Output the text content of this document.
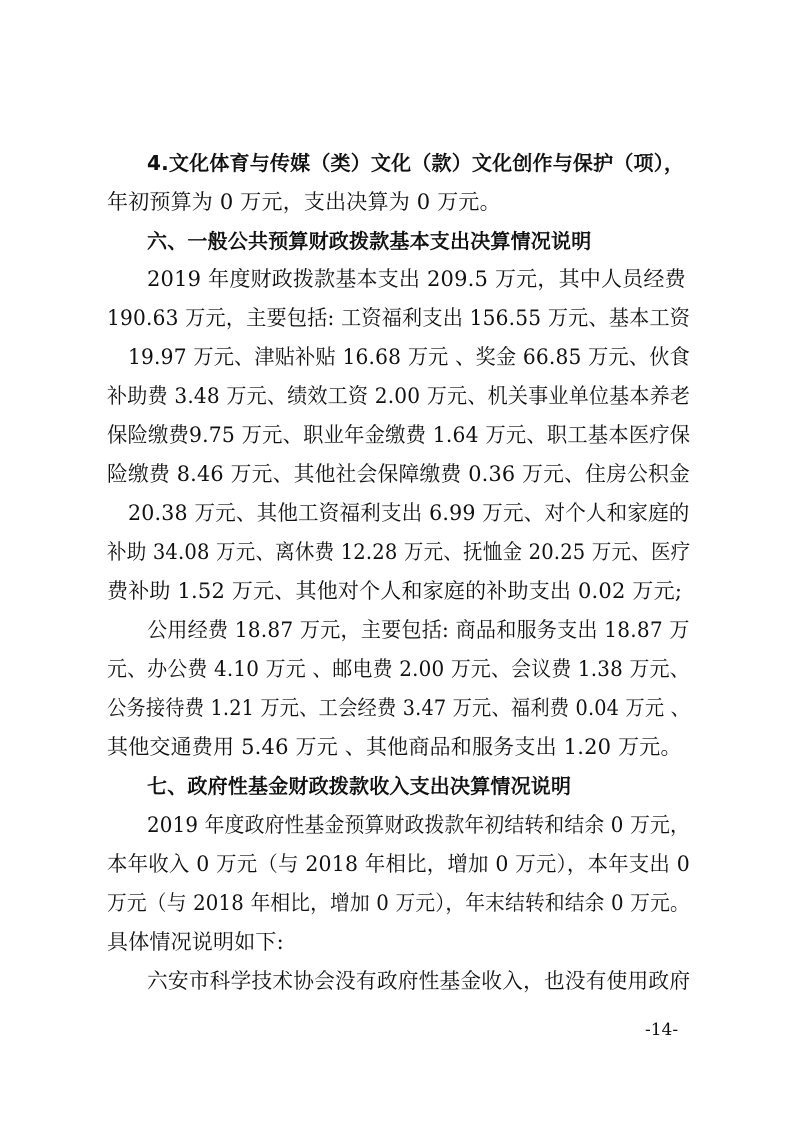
4.文化体育与传媒（类）文化（款）文化创作与保护（项），
年初预算为 0 万元，支出决算为 0 万元。
六、一般公共预算财政拨款基本支出决算情况说明
2019 年度财政拨款基本支出 209.5 万元，其中人员经费
190.63 万元，主要包括: 工资福利支出 156.55 万元、基本工资
19.97 万元、津贴补贴 16.68 万元 、奖金 66.85 万元、伙食
补助费 3.48 万元、绩效工资 2.00 万元、机关事业单位基本养老
保险缴费9.75 万元、职业年金缴费 1.64 万元、职工基本医疗保
险缴费 8.46 万元、其他社会保障缴费 0.36 万元、住房公积金
20.38 万元、其他工资福利支出 6.99 万元、对个人和家庭的
补助 34.08 万元、离休费 12.28 万元、抚恤金 20.25 万元、医疗
费补助 1.52 万元、其他对个人和家庭的补助支出 0.02 万元;
公用经费 18.87 万元，主要包括: 商品和服务支出 18.87 万
元、办公费 4.10 万元 、邮电费 2.00 万元、会议费 1.38 万元、
公务接待费 1.21 万元、工会经费 3.47 万元、福利费 0.04 万元 、
其他交通费用 5.46 万元 、其他商品和服务支出 1.20 万元。
七、政府性基金财政拨款收入支出决算情况说明
2019 年度政府性基金预算财政拨款年初结转和结余 0 万元，
本年收入 0 万元（与 2018 年相比，增加 0 万元），本年支出 0
万元（与 2018 年相比，增加 0 万元），年末结转和结余 0 万元。
具体情况说明如下:
六安市科学技术协会没有政府性基金收入，也没有使用政府
-14-
